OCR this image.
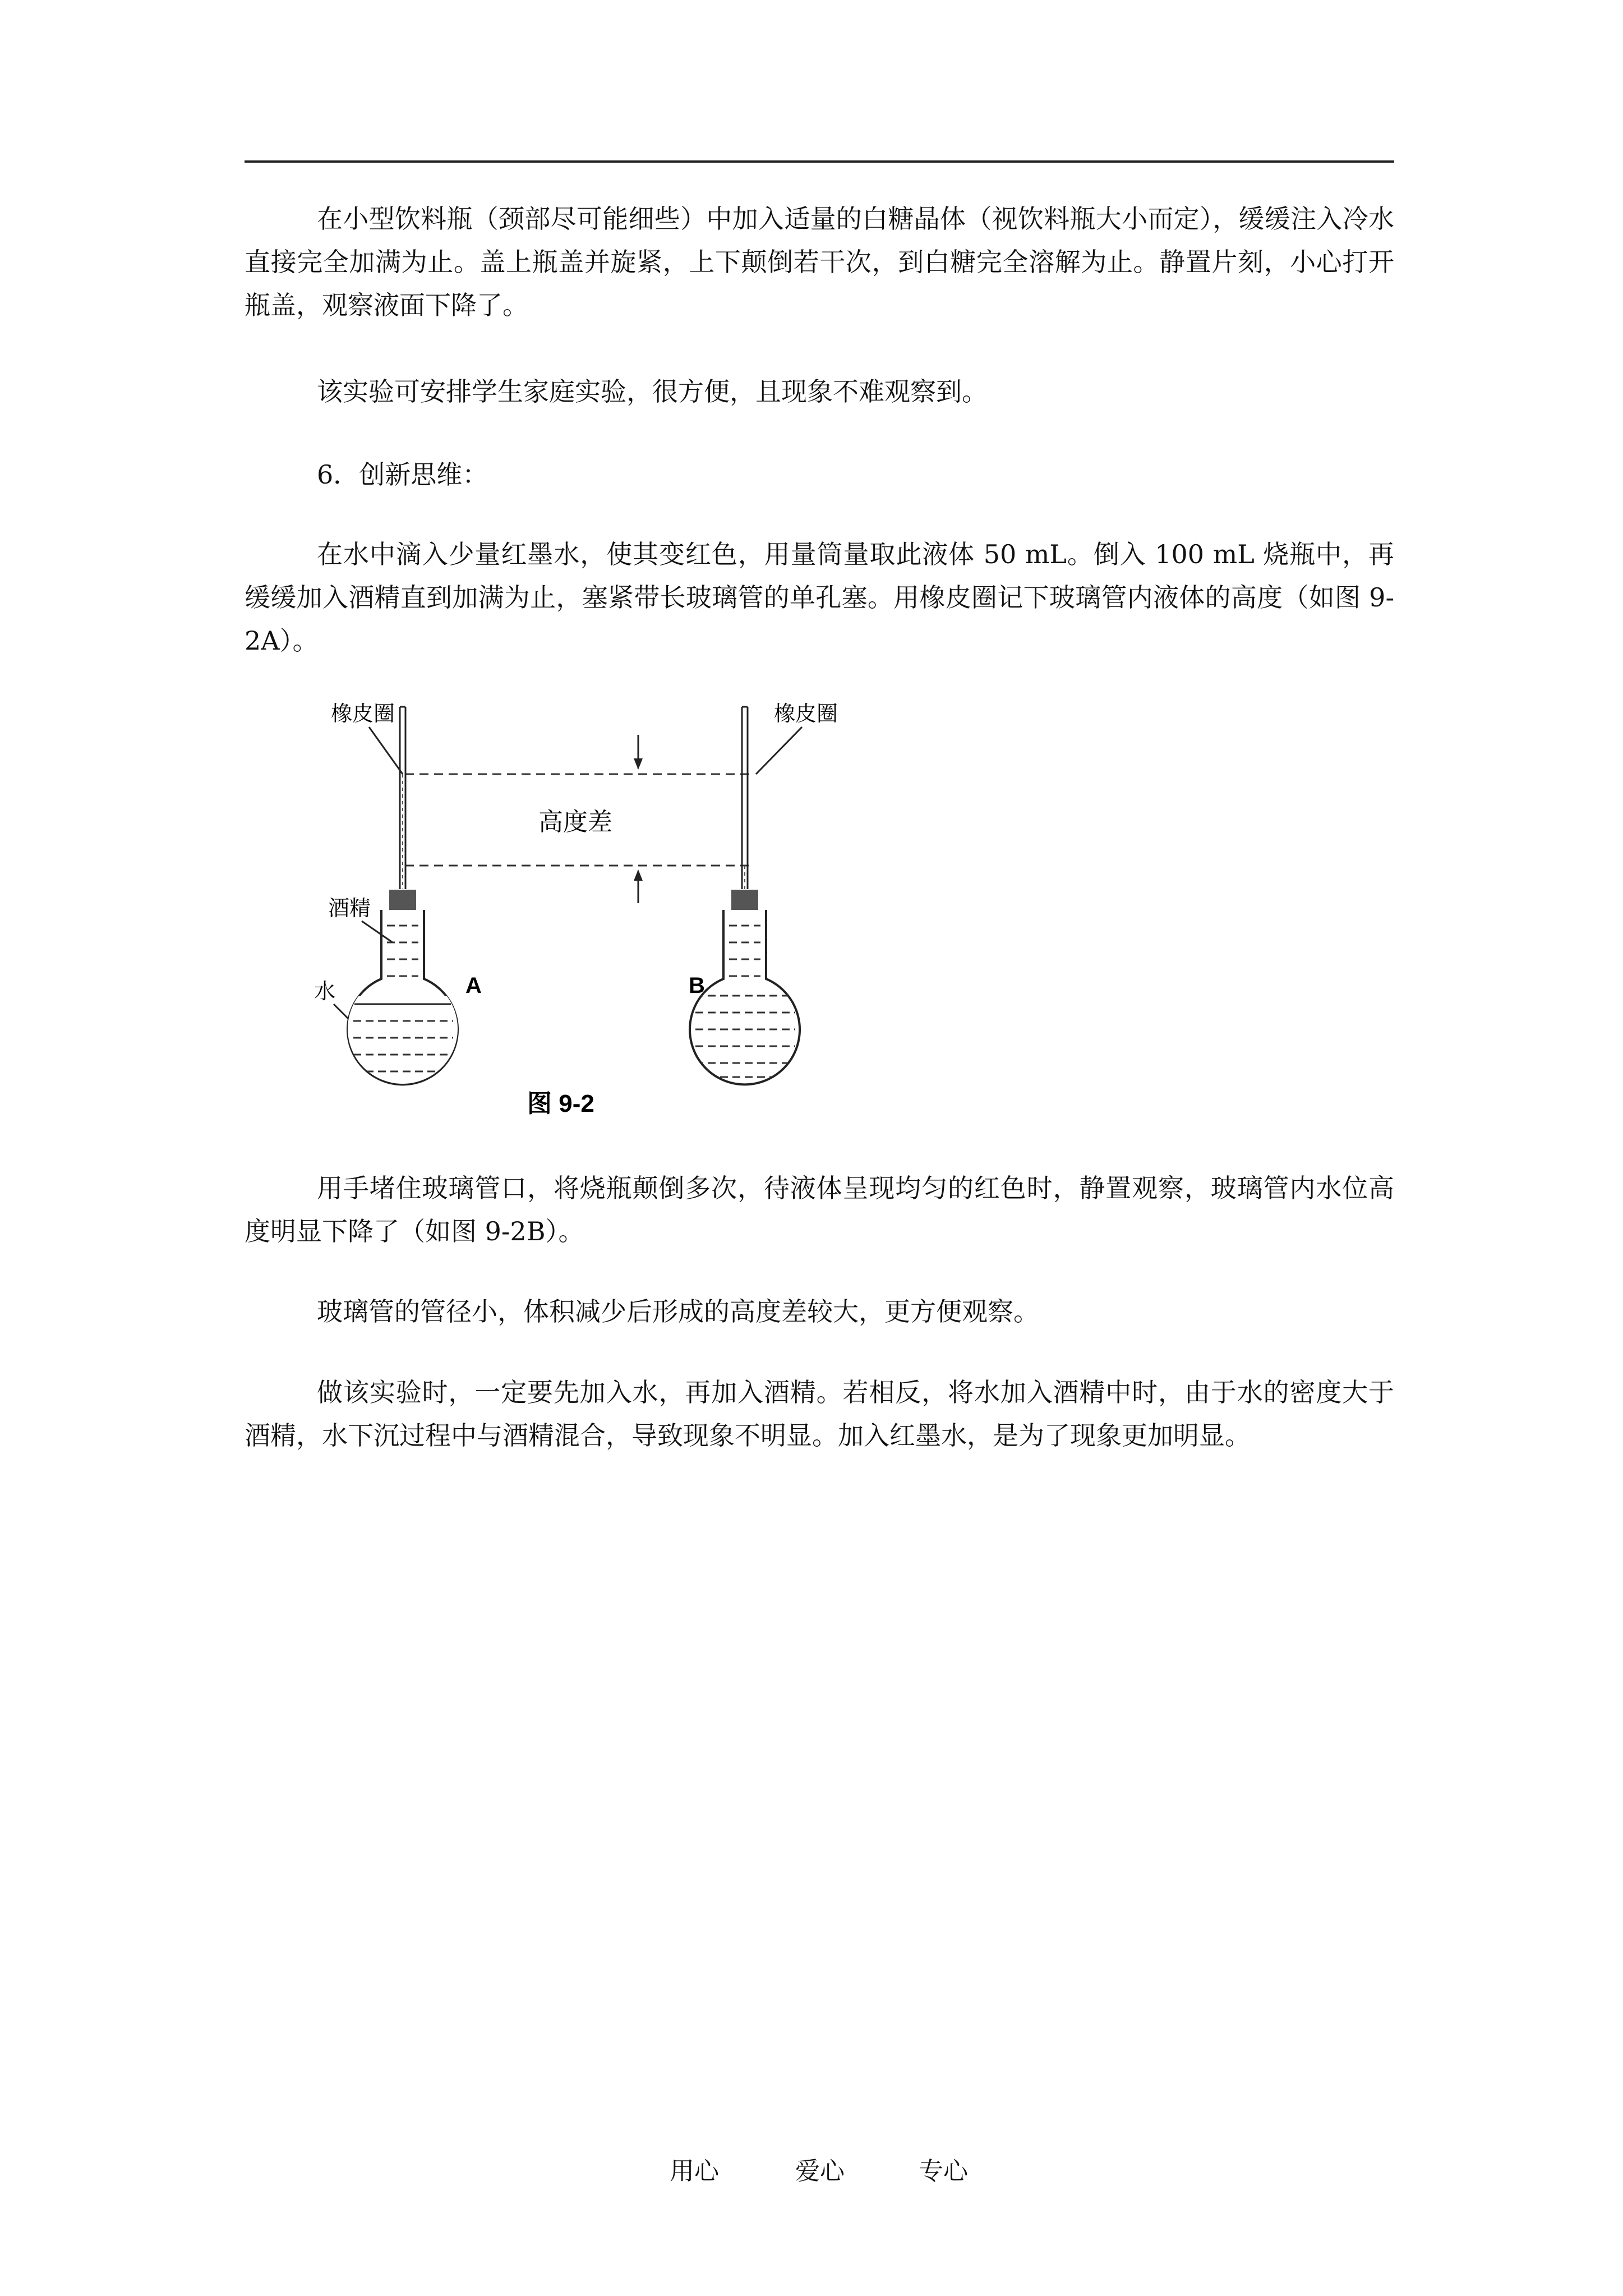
在小型饮料瓶（颈部尽可能细些）中加入适量的白糖晶体（视饮料瓶大小而定），缓缓注入冷水直接完全加满为止。盖上瓶盖并旋紧，上下颠倒若干次，到白糖完全溶解为止。静置片刻，小心打开瓶盖，观察液面下降了。

该实验可安排学生家庭实验，很方便，且现象不难观察到。

6．创新思维：

在水中滴入少量红墨水，使其变红色，用量筒量取此液体 50 mL。倒入 100 mL 烧瓶中，再缓缓加入酒精直到加满为止，塞紧带长玻璃管的单孔塞。用橡皮圈记下玻璃管内液体的高度（如图 9-2A）。

橡皮圈	橡皮圈
高度差
酒精
水	A	B
图 9-2

用手堵住玻璃管口，将烧瓶颠倒多次，待液体呈现均匀的红色时，静置观察，玻璃管内水位高度明显下降了（如图 9-2B）。

玻璃管的管径小，体积减少后形成的高度差较大，更方便观察。

做该实验时，一定要先加入水，再加入酒精。若相反，将水加入酒精中时，由于水的密度大于酒精，水下沉过程中与酒精混合，导致现象不明显。加入红墨水，是为了现象更加明显。

用心	爱心	专心
